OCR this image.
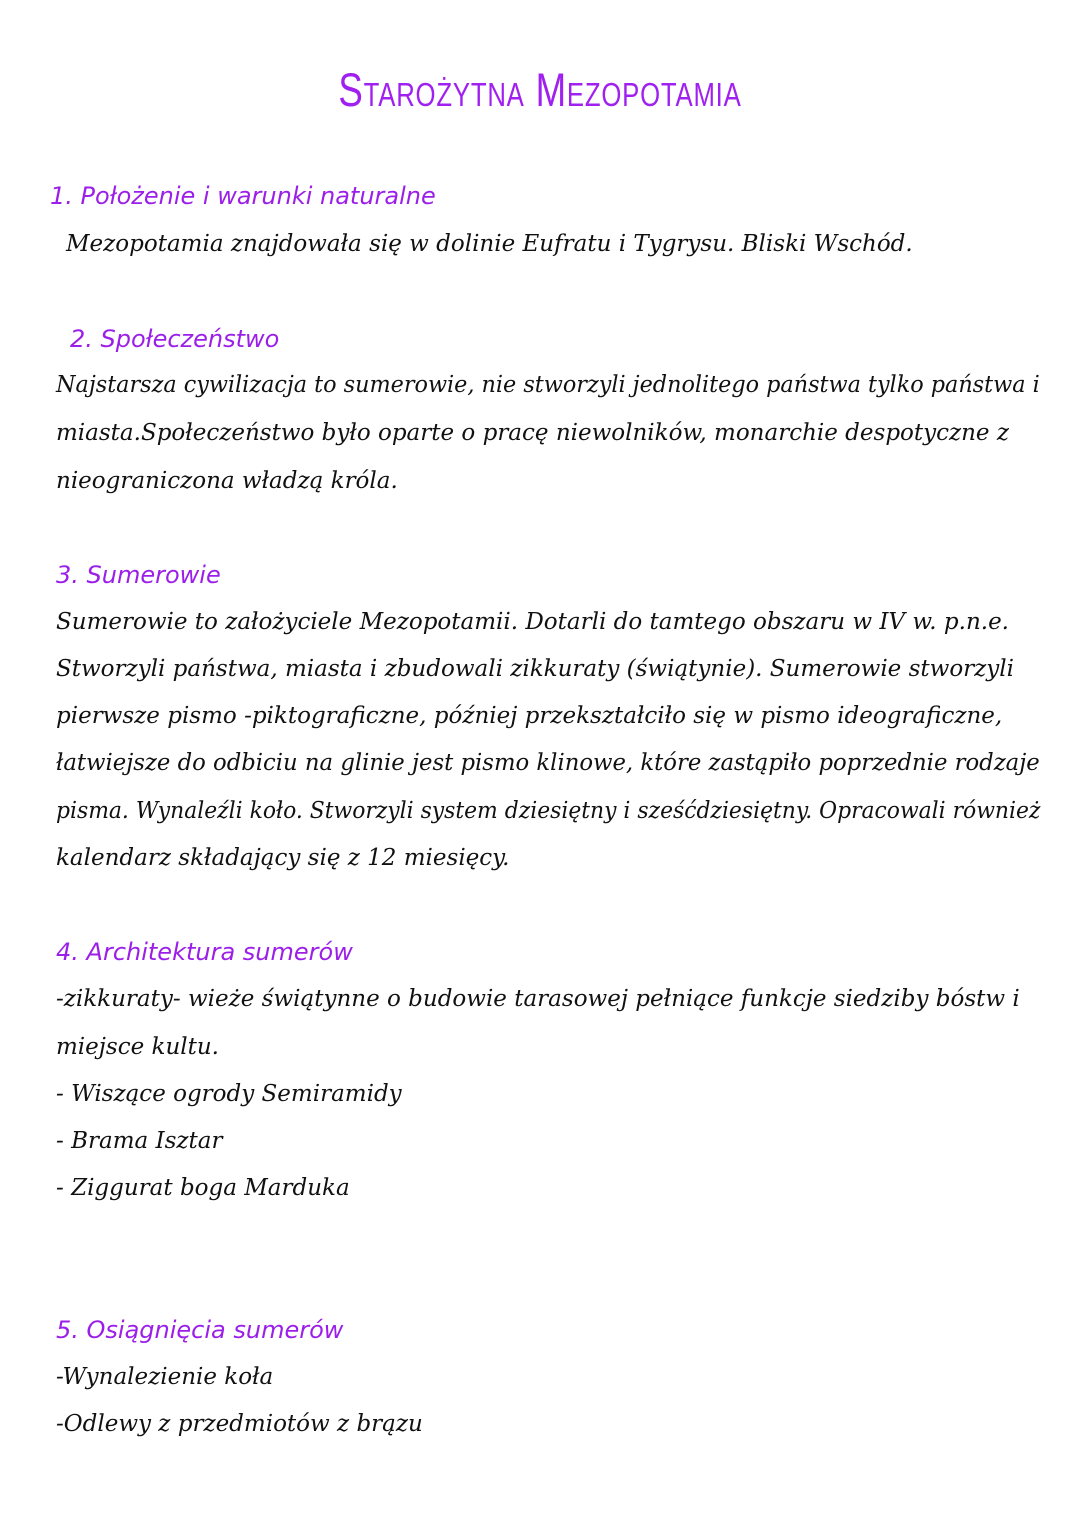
Starożytna Mezopotamia
1. Położenie i warunki naturalne
Mezopotamia znajdowała się w dolinie Eufratu i Tygrysu. Bliski Wschód.
2. Społeczeństwo
Najstarsza cywilizacja to sumerowie, nie stworzyli jednolitego państwa tylko państwa i
miasta.Społeczeństwo było oparte o pracę niewolników, monarchie despotyczne z
nieograniczona władzą króla.
3. Sumerowie
Sumerowie to założyciele Mezopotamii. Dotarli do tamtego obszaru w IV w. p.n.e.
Stworzyli państwa, miasta i zbudowali zikkuraty (świątynie). Sumerowie stworzyli
pierwsze pismo -piktograficzne, później przekształciło się w pismo ideograficzne,
łatwiejsze do odbiciu na glinie jest pismo klinowe, które zastąpiło poprzednie rodzaje
pisma. Wynaleźli koło. Stworzyli system dziesiętny i sześćdziesiętny. Opracowali również
kalendarz składający się z 12 miesięcy.
4. Architektura sumerów
-zikkuraty- wieże świątynne o budowie tarasowej pełniące funkcje siedziby bóstw i
miejsce kultu.
- Wiszące ogrody Semiramidy
- Brama Isztar
- Ziggurat boga Marduka
5. Osiągnięcia sumerów
-Wynalezienie koła
-Odlewy z przedmiotów z brązu
